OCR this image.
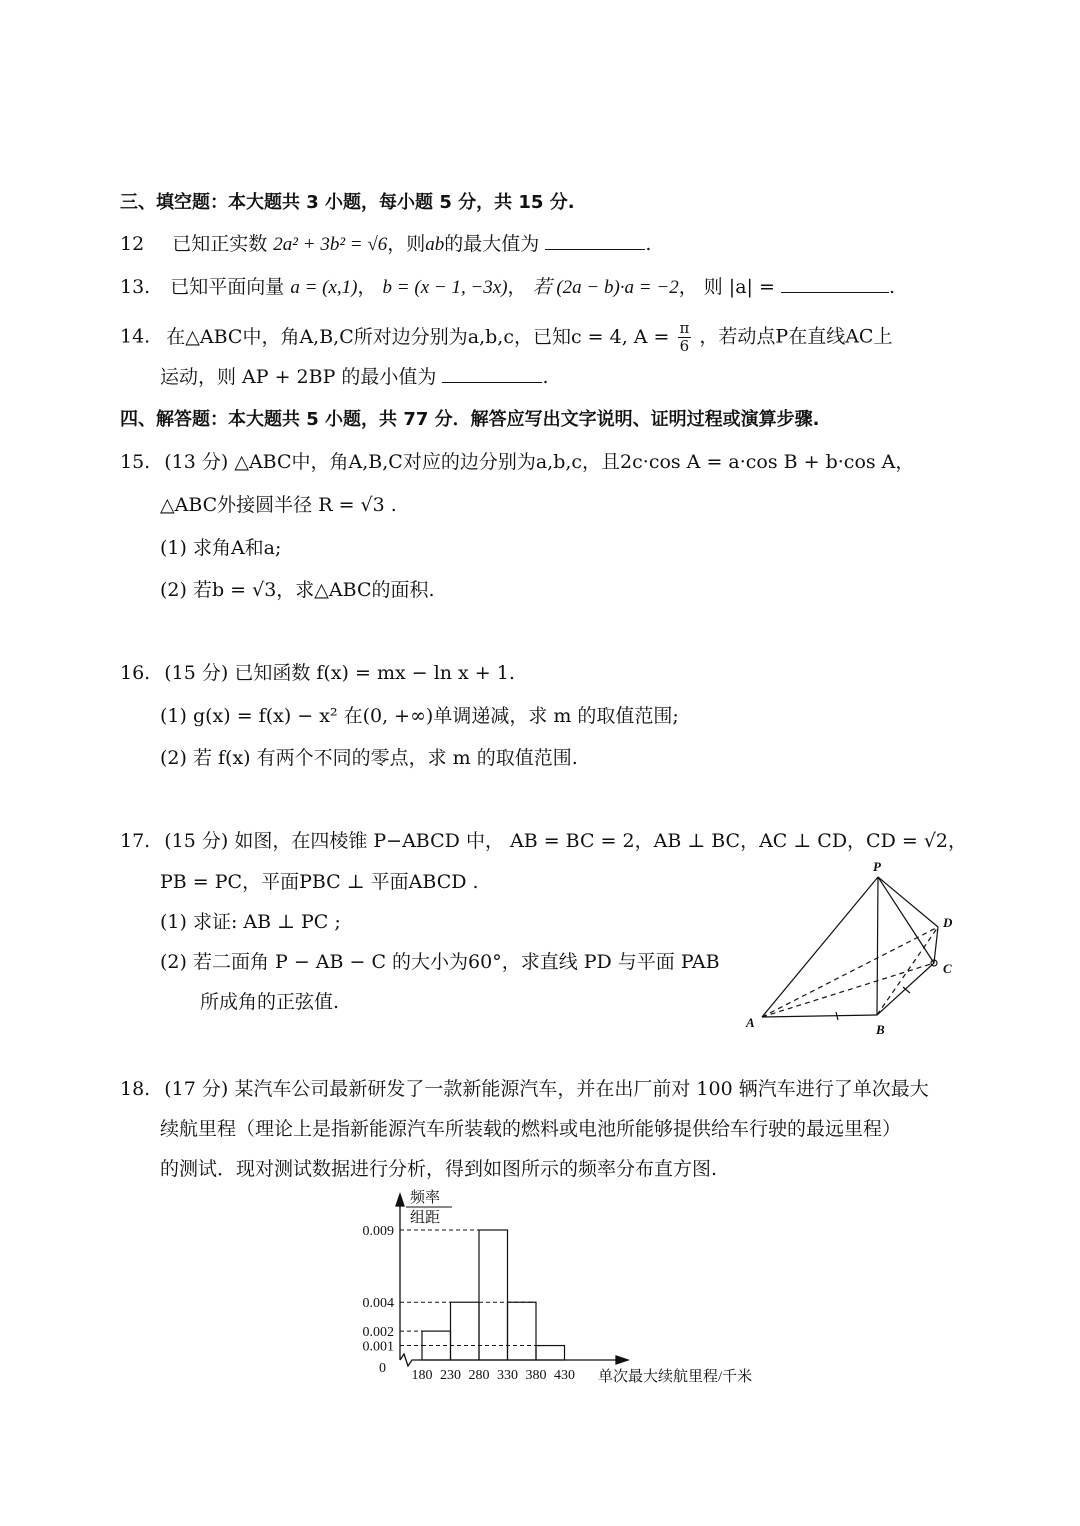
三、填空题：本大题共 3 小题，每小题 5 分，共 15 分.
12 已知正实数 2a² + 3b² = √6，则ab的最大值为	.
13. 已知平面向量 a = (x,1)， b = (x − 1, −3x)， 若 (2a − b)·a = −2， 则 |a| =	.
14. 在△ABC中，角A,B,C所对边分别为a,b,c，已知c = 4, $A = \frac{\pi}{6}$ ，若动点P在直线AC上
运动，则 AP + 2BP 的最小值为	.
四、解答题：本大题共 5 小题，共 77 分．解答应写出文字说明、证明过程或演算步骤.
15. (13 分) △ABC中，角A,B,C对应的边分别为a,b,c，且2c·cos A = a·cos B + b·cos A，
△ABC外接圆半径 R = √3 .
(1) 求角A和a;
(2) 若b = √3，求△ABC的面积.
16. (15 分) 已知函数 f(x) = mx − ln x + 1.
(1) g(x) = f(x) − x² 在(0, +∞)单调递减，求 m 的取值范围;
(2) 若 f(x) 有两个不同的零点，求 m 的取值范围.
17. (15 分) 如图，在四棱锥 P−ABCD 中， AB = BC = 2，AB ⊥ BC，AC ⊥ CD，CD = √2，
PB = PC，平面PBC ⊥ 平面ABCD .
(1) 求证: AB ⊥ PC ;
(2) 若二面角 P − AB − C 的大小为60°，求直线 PD 与平面 PAB
所成角的正弦值.
P
A	B
C
D
18. (17 分) 某汽车公司最新研发了一款新能源汽车，并在出厂前对 100 辆汽车进行了单次最大
续航里程（理论上是指新能源汽车所装载的燃料或电池所能够提供给车行驶的最远里程）
的测试．现对测试数据进行分析，得到如图所示的频率分布直方图.
频率
组距
0.009
0.004
0.002
0.001
180 230 280 330 380 430
0
单次最大续航里程/千米
